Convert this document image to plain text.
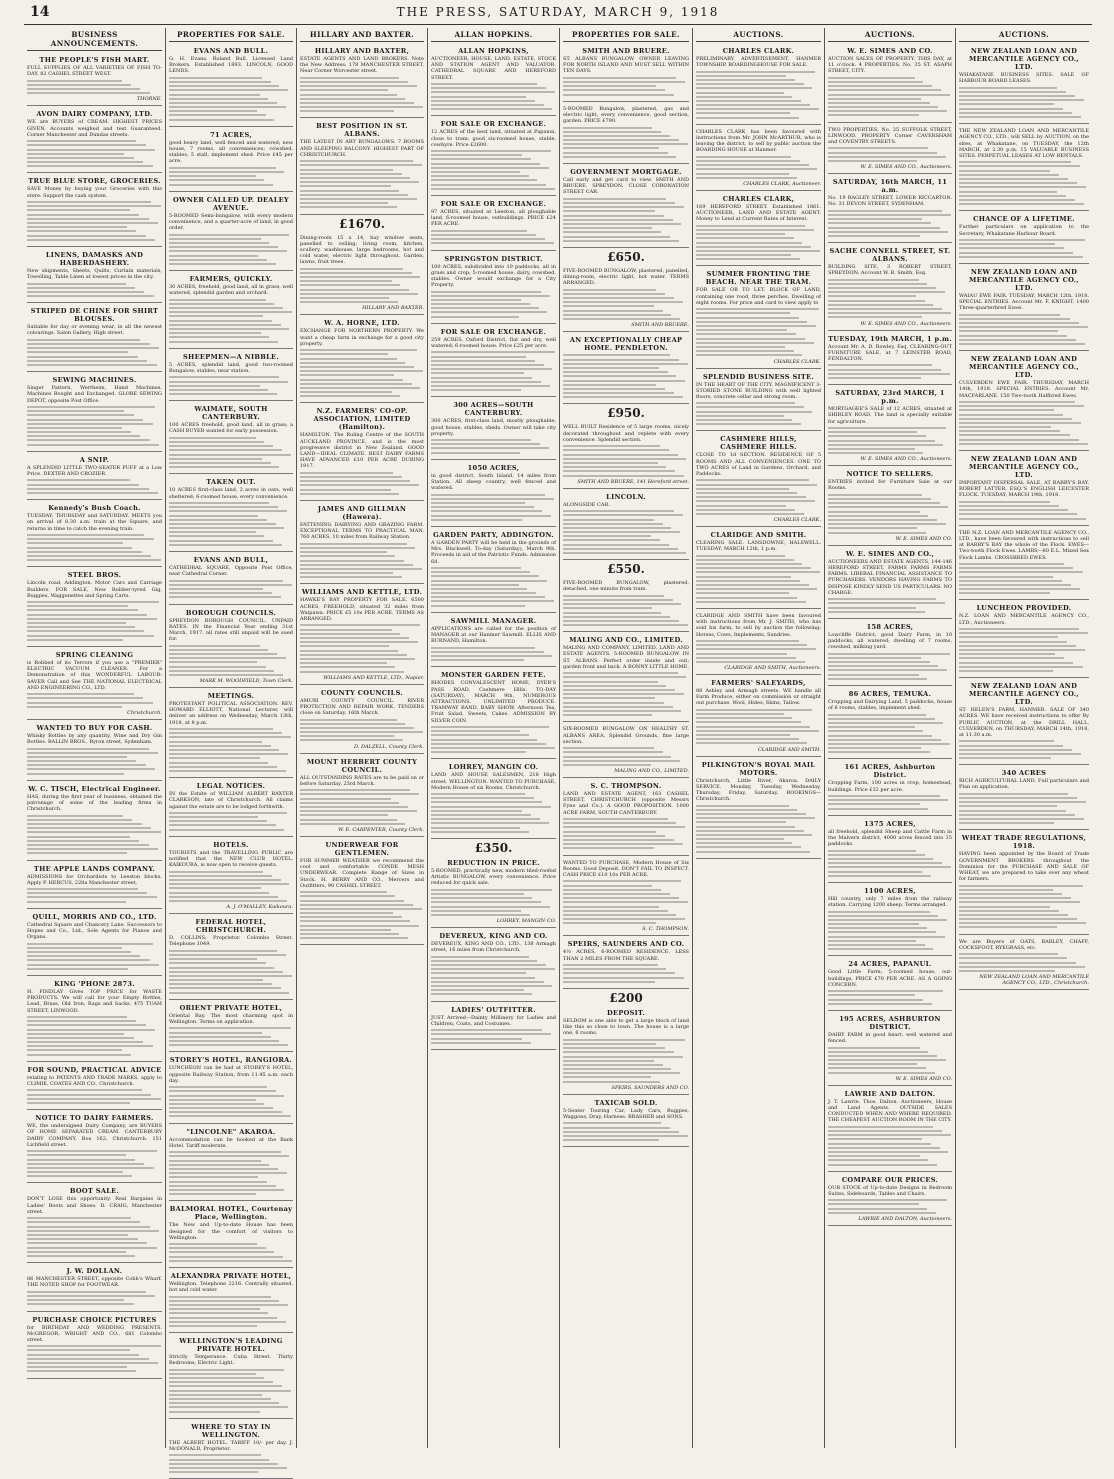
14	THE PRESS, SATURDAY, MARCH 9, 1918
BUSINESS ANNOUNCEMENTS.
THE PEOPLE'S FISH MART.
FULL SUPPLIES OF ALL VARIETIES OF FISH TO-DAY. 82 CASHEL STREET WEST.
THORNE.
AVON DAIRY COMPANY, LTD.
WE are BUYERS of CREAM. HIGHEST PRICES GIVEN. Accounts weighed and test Guaranteed. Corner Manchester and Dundas streets.
TRUE BLUE STORE, GROCERIES.
SAVE Money by buying your Groceries with this store. Support the cash system.
LINENS, DAMASKS AND HABERDASHERY.
New shipments, Sheets, Quilts, Curtain materials, Towelling, Table Linen at lowest prices in the city.
STRIPED DE CHINE FOR SHIRT BLOUSES.
Suitable for day or evening wear, in all the newest colourings. Salon Gallery, High street.
SEWING MACHINES.
Singer Pattern, Wertheim, Hand Machines. Machines Bought and Exchanged. GLOBE SEWING DEPOT, opposite Post Office.
A SNIP.
A SPLENDID LITTLE TWO-SEATER PUFF at a Low Price. DEXTER AND CROZIER.
Kennedy's Bush Coach.
TUESDAY, THURSDAY and SATURDAY. MEETS you on arrival of 8.30 a.m. train at the Square, and returns in time to catch the evening train.
STEEL BROS.
Lincoln road, Addington. Motor Cars and Carriage Builders. FOR SALE, New Rubber-tyred Gig, Buggies, Waggonettes and Spring Carts.
SPRING CLEANING
is Robbed of its Terrors if you use a "PREMIER" ELECTRIC VACUUM CLEANER. For a Demonstration of this WONDERFUL LABOUR-SAVER Call and See THE NATIONAL ELECTRICAL AND ENGINEERING CO., LTD.
Christchurch.
WANTED TO BUY FOR CASH.
Whisky Bottles by any quantity, Wine and Dry Gin Bottles. BALLIN BROS., Byron street, Sydenham.
W. C. TISCH, Electrical Engineer.
HAS, during the first year of business, obtained the patronage of some of the leading firms in Christchurch.
THE APPLE LANDS COMPANY.
ADMISSIONS for Orchardists to Leeston blocks. Apply P. HERCUS, 228a Manchester street.
QUILL, MORRIS AND CO., LTD.
Cathedral Square and Chancery Lane. Successors to Hopes and Co., Ltd., Sole Agents for Pianos and Organs.
KING 'PHONE 2873.
H. FINDLAY Gives TOP PRICE for WASTE PRODUCTS. We will call for your Empty Bottles, Lead, Brass, Old Iron, Rags and Sacks. 475 TUAM STREET, LINWOOD.
FOR SOUND, PRACTICAL ADVICE
relating to PATENTS AND TRADE MARKS, apply to CLIMIE, COATES AND CO., Christchurch.
NOTICE TO DAIRY FARMERS.
WE, the undersigned Dairy Company, are BUYERS OF HOME SEPARATED CREAM. CANTERBURY DAIRY COMPANY, Box 162, Christchurch. 151 Lichfield street.
BOOT SALE.
DON'T LOSE this opportunity. Real Bargains in Ladies' Boots and Shoes. D. CRAIG, Manchester street.
J. W. DOLLAN.
86 MANCHESTER STREET, opposite Cobb's Wharf. THE NOTED SHOP for FOOTWEAR.
PURCHASE CHOICE PICTURES
for BIRTHDAY AND WEDDING PRESENTS. McGREGOR, WRIGHT AND CO., 681 Colombo street.
PROPERTIES FOR SALE.
EVANS AND BULL.
G. H. Evans. Roland Bull. Licensed Land Brokers. Established 1893. LINCOLN, GOOD LENDS.
71 ACRES,
good heavy land, well fenced and watered; new house, 7 rooms, all conveniences; cowshed, stables, 5 stall, implement shed. Price £45 per acre.
OWNER CALLED UP. DEALEY AVENUE.
5-ROOMED Semi-bungalow, with every modern convenience, and a quarter-acre of land, in good order.
FARMERS, QUICKLY.
30 ACRES, freehold, good land, all in grass, well watered, splendid garden and orchard.
SHEEPMEN—A NIBBLE.
5 ACRES, splendid land, good two-roomed Bungalow, stables, near station.
WAIMATE, SOUTH CANTERBURY.
100 ACRES freehold, good land, all in grass; a CASH BUYER wanted for early possession.
TAKEN OUT.
10 ACRES first-class land, 2 acres in oats, well sheltered; 6-roomed house, every convenience.
EVANS AND BULL,
CATHEDRAL SQUARE, Opposite Post Office, near Cathedral Corner.
BOROUGH COUNCILS.
SPREYDON BOROUGH COUNCIL. UNPAID RATES. IN the Financial Year ending 31st March, 1917, all rates still unpaid will be sued for.
MARK M. WOODFIELD, Town Clerk.
MEETINGS.
PROTESTANT POLITICAL ASSOCIATION. REV. HOWARD ELLIOTT, National Lecturer, will deliver an address on Wednesday, March 13th, 1918, at 8 p.m.
LEGAL NOTICES.
IN the Estate of WILLIAM ALBERT BAXTER CLARKSON, late of Christchurch. All claims against the estate are to be lodged forthwith.
HOTELS.
TOURISTS and the TRAVELLING PUBLIC are notified that the NEW CLUB HOTEL, KAIKOURA, is now open to receive guests.
A. J. O'MALLEY, Kaikoura.
FEDERAL HOTEL, CHRISTCHURCH.
D. COLLINS, Proprietor. Colombo Street. Telephone 1049.
ORIENT PRIVATE HOTEL,
Oriental Bay. The most charming spot in Wellington. Terms on application.
STOREY'S HOTEL, RANGIORA.
LUNCHEON can be had at STOREY'S HOTEL, opposite Railway Station, from 11.45 a.m. each day.
"LINCOLNE" AKAROA.
Accommodation can be booked at the Bank Hotel. Tariff moderate.
BALMORAL HOTEL, Courtenay Place, Wellington.
The New and Up-to-date House has been designed for the comfort of visitors to Wellington.
ALEXANDRA PRIVATE HOTEL,
Wellington. Telephone 2216. Centrally situated, hot and cold water.
WELLINGTON'S LEADING PRIVATE HOTEL.
Strictly Temperance. Cuba Street. Thirty Bedrooms, Electric Light.
WHERE TO STAY IN WELLINGTON.
THE ALBERT HOTEL. TARIFF 10/- per day. J. McDONALD, Proprietor.
HILLARY AND BAXTER.
HILLARY AND BAXTER,
ESTATE AGENTS AND LAND BROKERS. Note the New Address: 178 MANCHESTER STREET, Near Corner Worcester street.
BEST POSITION IN ST. ALBANS.
THE LATEST IN ART BUNGALOWS. 7 ROOMS AND SLEEPING BALCONY. HIGHEST PART OF CHRISTCHURCH.
£1670.
Dining-room 15 x 14, bay window seats, panelled to ceiling; living room, kitchen, scullery, washhouse, large bedrooms, hot and cold water, electric light throughout. Garden, lawns, fruit trees.
HILLARY AND BAXTER.
W. A. HORNE, LTD.
EXCHANGE FOR NORTHERN PROPERTY. We want a cheap farm in exchange for a good city property.
N.Z. FARMERS' CO-OP. ASSOCIATION, LIMITED (Hamilton).
HAMILTON. The Ruling Centre of the SOUTH AUCKLAND PROVINCE, and is the most progressive district in New Zealand. GOOD LAND—IDEAL CLIMATE. BEST DAIRY FARMS HAVE ADVANCED £10 PER ACRE DURING 1917.
JAMES AND GILLMAN (Hawera).
FATTENING DAIRYING AND GRAZING FARM. EXCEPTIONAL TERMS TO PRACTICAL MAN. 760 ACRES, 10 miles from Railway Station.
WILLIAMS AND KETTLE, LTD.
HAWKE'S BAY PROPERTY FOR SALE. 6500 ACRES, FREEHOLD, situated 32 miles from Waipawa. PRICE £5 10s PER ACRE. TERMS AS ARRANGED.
WILLIAMS AND KETTLE, LTD., Napier.
COUNTY COUNCILS.
AMURI COUNTY COUNCIL. RIVER PROTECTION AND REPAIR WORK. TENDERS close on Saturday, 16th March.
D. DALZELL, County Clerk.
MOUNT HERBERT COUNTY COUNCIL.
ALL OUTSTANDING RATES are to be paid on or before Saturday, 23rd March.
W. E. CARPENTER, County Clerk.
UNDERWEAR FOR GENTLEMEN.
FOR SUMMER WEATHER we recommend the cool and comfortable CONDE MESH UNDERWEAR. Complete Range of Sizes in Stock. H. BERRY AND CO., Mercers and Outfitters, 90 CASHEL STREET.
ALLAN HOPKINS.
ALLAN HOPKINS,
AUCTIONEER, HOUSE, LAND, ESTATE, STOCK AND STATION AGENT AND VALUATOR. CATHEDRAL SQUARE AND HEREFORD STREET.
FOR SALE OR EXCHANGE.
12 ACRES of the best land, situated at Papanui, close to tram; good six-roomed house, stable, cowbyre. Price £2600.
FOR SALE OR EXCHANGE.
97 ACRES, situated at Leeston, all ploughable land, 6-roomed house, outbuildings. PRICE £24 PER ACRE.
SPRINGSTON DISTRICT.
100 ACRES, subdivided into 10 paddocks, all in grass and crop; 5-roomed house, dairy, cowshed, stables. Owner would exchange for a City Property.
FOR SALE OR EXCHANGE.
259 ACRES, Oxford District, flat and dry, well watered; 6-roomed house. Price £25 per acre.
300 ACRES—SOUTH CANTERBURY.
300 ACRES, first-class land, mostly ploughable; good house, stables, sheds. Owner will take city property.
1050 ACRES,
in good district, South Island, 14 miles from Station. All sheep country, well fenced and watered.
GARDEN PARTY, ADDINGTON.
A GARDEN PARTY will be held in the grounds of Mrs. Blackwell, To-day (Saturday), March 9th. Proceeds in aid of the Patriotic Funds. Admission 6d.
SAWMILL MANAGER.
APPLICATIONS are called for the position of MANAGER at our Hanmer Sawmill. ELLIS AND BURNAND, Hamilton.
MONSTER GARDEN FETE.
RHODES CONVALESCENT HOME, DYER'S PASS ROAD, Cashmere Hills. TO-DAY (SATURDAY), MARCH 9th. NUMEROUS ATTRACTIONS. UNLIMITED PRODUCE. TRAMWAY BAND. BABY SHOW. Afternoon Tea, Fruit Salad, Sweets, Cakes. ADMISSION BY SILVER COIN.
LOHREY, MANGIN CO.
LAND AND HOUSE SALESMEN, 218 High street. WELLINGTON. WANTED TO PURCHASE, Modern House of six Rooms, Christchurch.
£350.
REDUCTION IN PRICE.
5-ROOMED, practically new, modern tiled-roofed Artistic BUNGALOW, every convenience. Price reduced for quick sale.
LOHREY, MANGIN CO.
DEVEREUX, KING AND CO.
DEVEREUX, KING AND CO., LTD., 138 Armagh street, 16 miles from Christchurch.
LADIES' OUTFITTER.
JUST Arrived—Dainty Millinery for Ladies and Children, Coats, and Costumes.
PROPERTIES FOR SALE.
SMITH AND BRUERE.
ST. ALBANS BUNGALOW. OWNER LEAVING FOR NORTH ISLAND AND MUST SELL WITHIN TEN DAYS.
5-ROOMED Bungalow, plastered, gas and electric light, every convenience, good section, garden. PRICE £790.
GOVERNMENT MORTGAGE.
Call early and get card to view. SMITH AND BRUERE. SPREYDON. CLOSE CORONATION STREET CAR.
£650.
FIVE-ROOMED BUNGALOW, plastered, panelled, dining-room, electric light, hot water. TERMS ARRANGED.
SMITH AND BRUERE.
AN EXCEPTIONALLY CHEAP HOME. PENDLETON.
£950.
WELL BUILT Residence of 5 large rooms, nicely decorated throughout and replete with every convenience. Splendid section.
SMITH AND BRUERE, 141 Hereford street.
LINCOLN.
ALONGSIDE CAR.
£550.
FIVE-ROOMED BUNGALOW, plastered, detached, one minute from tram.
MALING AND CO., LIMITED.
MALING AND COMPANY, LIMITED, LAND AND ESTATE AGENTS. 5-ROOMED BUNGALOW IN ST. ALBANS. Perfect order inside and out; garden front and back. A BONNY LITTLE HOME.
SIX-ROOMED BUNGALOW ON HEALTHY ST. ALBANS AREA. Splendid Grounds, fine large section.
MALING AND CO., LIMITED.
S. C. THOMPSON.
LAND AND ESTATE AGENT, 163 CASHEL STREET, CHRISTCHURCH (opposite Messrs Fyne and Co.). A GOOD PROPOSITION. 1000 ACRE FARM, SOUTH CANTERBURY.
WANTED TO PURCHASE, Modern House of Six Rooms. Good Deposit. DON'T FAIL TO INSPECT. CASH PRICE £10 10s PER ACRE.
S. C. THOMPSON.
SPEIRS, SAUNDERS AND CO.
4½ ACRES, 6-ROOMED RESIDENCE, LESS THAN 2 MILES FROM THE SQUARE.
£200
DEPOSIT.
SELDOM is one able to get a large block of land like this so close to town. The house is a large one, 6 rooms.
SPEIRS, SAUNDERS AND CO.
TAXICAB SOLD.
5-Seater Touring Car, Lady Cars, Buggies, Waggons, Dray, Harness. BRASHER and SONS.
AUCTIONS.
CHARLES CLARK.
PRELIMINARY ADVERTISEMENT. HANMER TOWNSHIP. BOARDINGHOUSE FOR SALE.
CHARLES CLARK has been favoured with instructions from Mr. JOHN McARTHUR, who is leaving the district, to sell by public auction the BOARDING HOUSE at Hanmer.
CHARLES CLARK, Auctioneer.
CHARLES CLARK,
169 HEREFORD STREET. Established 1861. AUCTIONEER, LAND AND ESTATE AGENT. Money to Lend at Current Rates of Interest.
SUMMER FRONTING THE BEACH. NEAR THE TRAM.
FOR SALE OR TO LET. BLOCK OF LAND, containing one rood, three perches. Dwelling of eight rooms. For price and card to view apply to
CHARLES CLARK.
SPLENDID BUSINESS SITE.
IN THE HEART OF THE CITY. MAGNIFICENT 3-STORIED STONE BUILDING with well lighted floors, concrete cellar and strong room.
CASHMERE HILLS, CASHMERE HILLS.
CLOSE TO 1d SECTION. RESIDENCE OF 5 ROOMS AND ALL CONVENIENCES. ONE TO TWO ACRES of Land in Gardens, Orchard, and Paddocks.
CHARLES CLARK.
CLARIDGE AND SMITH.
CLEARING SALE. LANSDOWNE, HALSWELL. TUESDAY, MARCH 12th, 1 p.m.
CLARIDGE AND SMITH have been favoured with instructions from Mr. J. SMITH, who has sold his farm, to sell by auction the following: Horses, Cows, Implements, Sundries.
CLARIDGE AND SMITH, Auctioneers.
FARMERS' SALEYARDS,
88 Ashley and Armagh streets. WE handle all Farm Produce, either on commission or straight out purchase. Wool, Hides, Skins, Tallow.
CLARIDGE AND SMITH.
PILKINGTON'S ROYAL MAIL MOTORS.
Christchurch, Little River, Akaroa. DAILY SERVICE. Monday, Tuesday, Wednesday, Thursday, Friday, Saturday. BOOKINGS—Christchurch.
AUCTIONS.
W. E. SIMES AND CO.
AUCTION SALES OF PROPERTY. THIS DAY, at 11 o'clock. 4 PROPERTIES. No. 35 ST. ASAPH STREET, CITY.
TWO PROPERTIES, No. 25 SUFFOLK STREET, LINWOOD. PROPERTY Corner CAVERSHAM and COVENTRY STREETS.
W. E. SIMES AND CO., Auctioneers.
SATURDAY, 16th MARCH, 11 a.m.
No. 19 RAGLEY STREET, LOWER RICCARTON. No. 31 DEVON STREET, SYDENHAM.
SACHE CONNELL STREET, ST. ALBANS.
BUILDING SITE, 3 ROBERT STREET, SPREYDON. Account W. B. Smith, Esq.
W. E. SIMES AND CO., Auctioneers.
TUESDAY, 19th MARCH, 1 p.m.
Account Mr. A. D. Rowley, Esq. CLEARING-OUT FURNITURE SALE, at 7 LEINSTER ROAD, FENDALTON.
SATURDAY, 23rd MARCH, 1 p.m.
MORTGAGEE'S SALE of 12 ACRES, situated at SHIRLEY ROAD. The land is specially suitable for agriculture.
W. E. SIMES AND CO., Auctioneers.
NOTICE TO SELLERS.
ENTRIES invited for Furniture Sale at our Rooms.
W. E. SIMES AND CO.
W. E. SIMES AND CO.,
AUCTIONEERS AND ESTATE AGENTS, 144-146 HEREFORD STREET. FARMS FARMS FARMS FARMS. LIBERAL FINANCIAL ASSISTANCE TO PURCHASERS. VENDORS HAVING FARMS TO DISPOSE KINDLY SEND US PARTICULARS. NO CHARGE.
158 ACRES,
Lowcliffe District, good Dairy Farm, in 10 paddocks, all watered; dwelling of 7 rooms, cowshed, milking yard.
86 ACRES, TEMUKA.
Cropping and Dairying Land, 5 paddocks, house of 6 rooms, stables, implement shed.
161 ACRES, Ashburton District.
Cropping Farm, 100 acres in crop, homestead, buildings. Price £32 per acre.
1375 ACRES,
all freehold, splendid Sheep and Cattle Farm in the Malvern district, 4000 acres fenced into 15 paddocks.
1100 ACRES,
Hill country, only 7 miles from the railway station. Carrying 1200 sheep. Terms arranged.
24 ACRES, PAPANUI.
Good Little Farm; 5-roomed house, out-buildings. PRICE £70 PER ACRE. AS A GOING CONCERN.
195 ACRES, ASHBURTON DISTRICT.
DAIRY FARM in good heart, well watered and fenced.
W. E. SIMES AND CO.
LAWRIE AND DALTON.
J. T. Lawrie. Thos. Dalton. Auctioneers, House and Land Agents. OUTSIDE SALES CONDUCTED WHEN AND WHERE REQUIRED. THE CHEAPEST AUCTION ROOM IN THE CITY.
COMPARE OUR PRICES.
OUR STOCK of Up-to-date Designs in Bedroom Suites, Sideboards, Tables and Chairs.
LAWRIE AND DALTON, Auctioneers.
AUCTIONS.
NEW ZEALAND LOAN AND MERCANTILE AGENCY CO., LTD.
WHAKATANE BUSINESS SITES. SALE OF HARBOUR BOARD LEASES.
THE NEW ZEALAND LOAN AND MERCANTILE AGENCY CO., LTD., will SELL by AUCTION, on the sites, at Whakatane, on TUESDAY, the 12th MARCH, at 2.30 p.m. 15 VALUABLE BUSINESS SITES. PERPETUAL LEASES AT LOW RENTALS.
CHANCE OF A LIFETIME.
Further particulars on application to the Secretary, Whakatane Harbour Board.
NEW ZEALAND LOAN AND MERCANTILE AGENCY CO., LTD.
WAIAU EWE FAIR. TUESDAY, MARCH 12th, 1918. SPECIAL ENTRIES. Account Mr. F. KNIGHT. 1400 Three-quarterbred Ewes.
NEW ZEALAND LOAN AND MERCANTILE AGENCY CO., LTD.
CULVERDEN EWE FAIR. THURSDAY, MARCH 14th, 1918. SPECIAL ENTRIES. Account Mr. MACFARLANE. 150 Two-tooth Halfbred Ewes.
NEW ZEALAND LOAN AND MERCANTILE AGENCY CO., LTD.
IMPORTANT DISPERSAL SALE, AT BARRY'S BAY. ROBERT LATTER, ESQ.'S ENGLISH LEICESTER FLOCK. TUESDAY, MARCH 19th, 1918.
THE N.Z. LOAN AND MERCANTILE AGENCY CO., LTD., have been favoured with instructions to sell at BARRY'S BAY the whole of the Flock. EWES—Two-tooth Flock Ewes. LAMBS—80 E.L. Mixed Sex Flock Lambs. CROSSBRED EWES.
LUNCHEON PROVIDED.
N.Z. LOAN AND MERCANTILE AGENCY CO., LTD., Auctioneers.
NEW ZEALAND LOAN AND MERCANTILE AGENCY CO., LTD.
ST. HELEN'S FARM, HANMER. SALE OF 340 ACRES. WE have received instructions to offer By PUBLIC AUCTION, at the DRILL HALL, CULVERDEN, on THURSDAY, MARCH 14th, 1918, at 11.30 a.m.
340 ACRES
RICH AGRICULTURAL LAND. Full particulars and Plan on application.
WHEAT TRADE REGULATIONS, 1918.
HAVING been appointed by the Board of Trade GOVERNMENT BROKERS throughout the Dominion for the PURCHASE AND SALE OF WHEAT, we are prepared to take over any wheat for farmers.
We are Buyers of OATS, BARLEY, CHAFF, COCKSFOOT, RYEGRASS, etc.
NEW ZEALAND LOAN AND MERCANTILE AGENCY CO., LTD., Christchurch.
